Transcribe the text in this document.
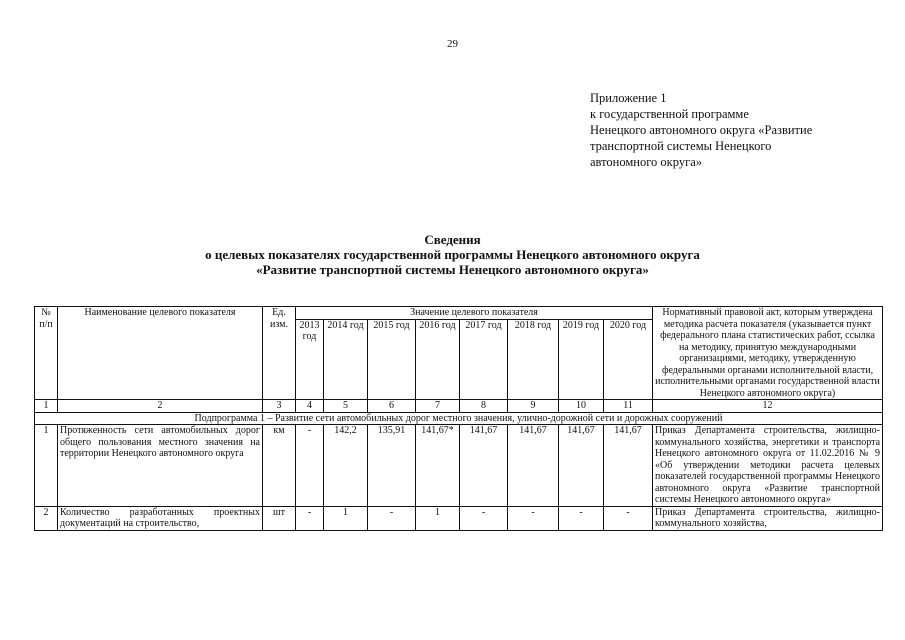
29
Приложение 1
к государственной программе
Ненецкого автономного округа «Развитие
транспортной системы Ненецкого
автономного округа»
Сведения
о целевых показателях государственной программы Ненецкого автономного округа
«Развитие транспортной системы Ненецкого автономного округа»
№ п/п	Наименование целевого показателя	Ед. изм.	Значение целевого показателя								Нормативный правовой акт, которым утверждена методика расчета показателя (указывается пункт федерального плана статистических работ, ссылка на методику, принятую международными организациями, методику, утвержденную федеральными органами исполнительной власти, исполнительными органами государственной власти Ненецкого автономного округа)
			2013 год	2014 год	2015 год	2016 год	2017 год	2018 год	2019 год	2020 год	
1	2	3	4	5	6	7	8	9	10	11	12
Подпрограмма 1 – Развитие сети автомобильных дорог местного значения, улично-дорожной сети и дорожных сооружений											
1	Протяженность сети автомобильных дорог общего пользования местного значения на территории Ненецкого автономного округа	км	-	142,2	135,91	141,67*	141,67	141,67	141,67	141,67	Приказ Департамента строительства, жилищно-коммунального хозяйства, энергетики и транспорта Ненецкого автономного округа от 11.02.2016 № 9 «Об утверждении методики расчета целевых показателей государственной программы Ненецкого автономного округа «Развитие транспортной системы Ненецкого автономного округа»
2	Количество разработанных проектных документаций на строительство,	шт	-	1	-	1	-	-	-	-	Приказ Департамента строительства, жилищно-коммунального хозяйства,
